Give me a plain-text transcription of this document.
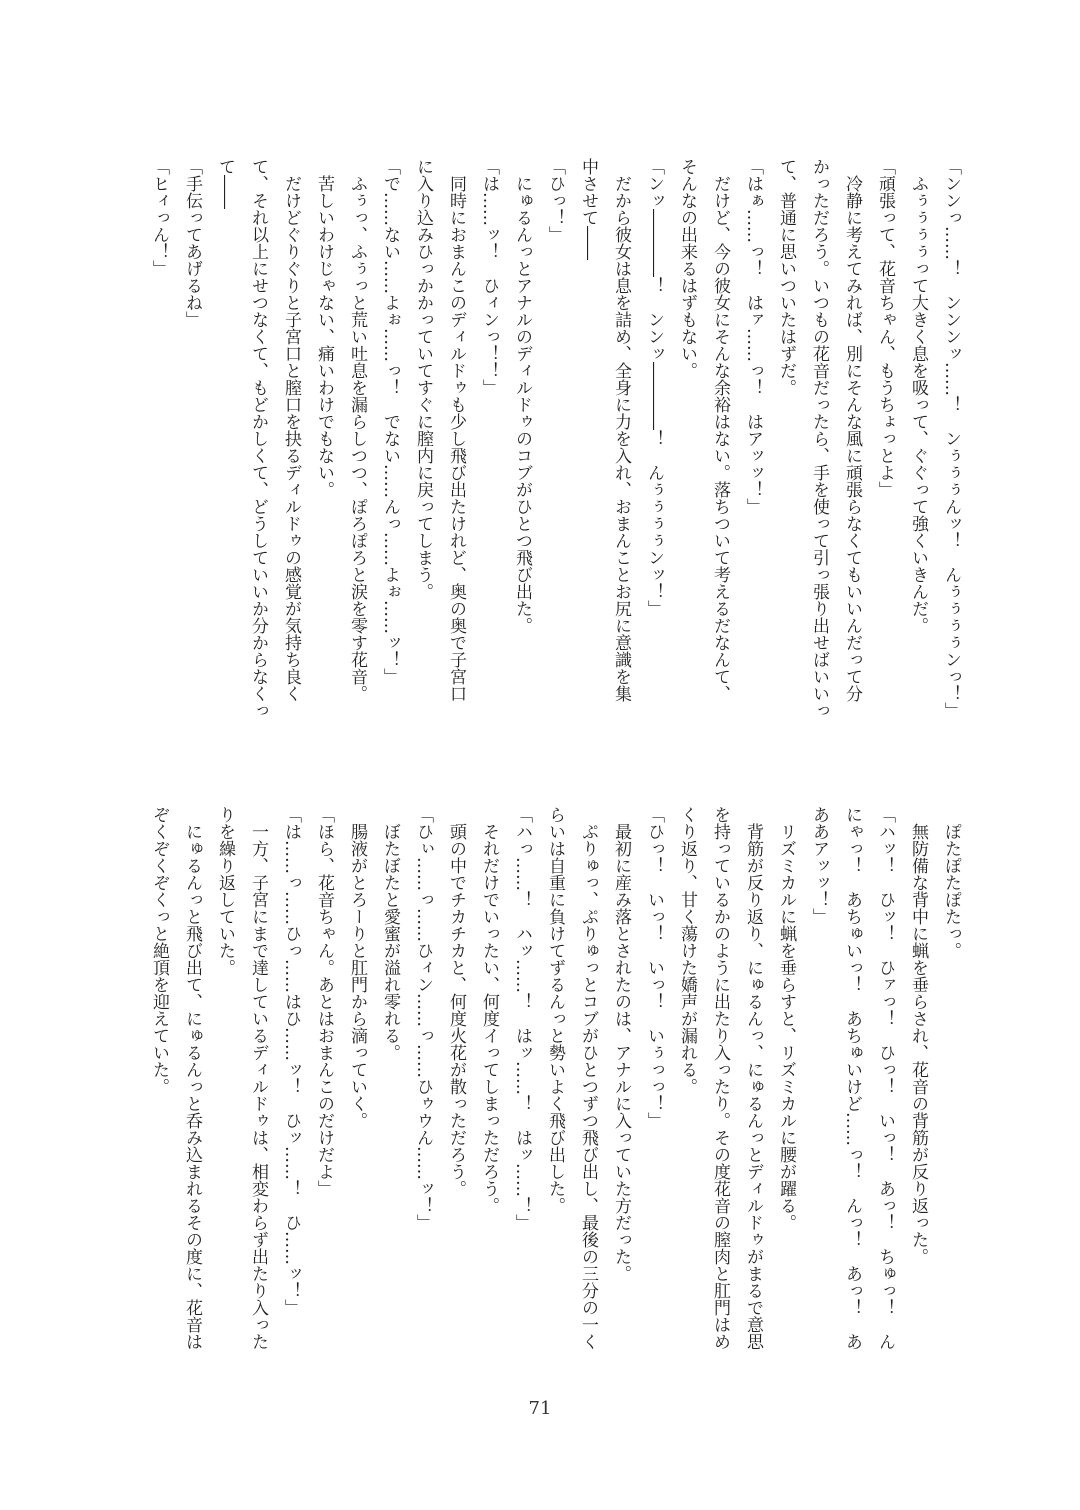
「ンンっ……！　ンンンッ……！　ンぅぅぅんッ！　んぅぅぅぅンっ！」
　ふぅぅぅぅって大きく息を吸って、ぐぐって強くいきんだ。
「頑張って、花音ちゃん、もうちょっとよ」
　冷静に考えてみれば、別にそんな風に頑張らなくてもいいんだって分
かっただろう。いつもの花音だったら、手を使って引っ張り出せばいいっ
て、普通に思いついたはずだ。
「はぁ……っ！　はァ……っ！　はアッッ！」
　だけど、今の彼女にそんな余裕はない。落ちついて考えるだなんて、
そんなの出来るはずもない。
「ンッ――――！　ンンッ――――！　んぅぅぅぅンッ！」
　だから彼女は息を詰め、全身に力を入れ、おまんことお尻に意識を集
中させて――
「ひっ！」
　にゅるんっとアナルのディルドゥのコブがひとつ飛び出た。
「は……ッ！　ひィンっ！！」
　同時におまんこのディルドゥも少し飛び出たけれど、奥の奥で子宮口
に入り込みひっかかっていてすぐに膣内に戻ってしまう。
「で……ない……よぉ……っ！　でない……んっ……よぉ……ッ！」
　ふぅっ、ふぅっと荒い吐息を漏らしつつ、ぽろぽろと涙を零す花音。
　苦しいわけじゃない、痛いわけでもない。
　だけどぐりぐりと子宮口と膣口を抉るディルドゥの感覚が気持ち良く
て、それ以上にせつなくて、もどかしくて、どうしていいか分からなくっ
て――
「手伝ってあげるね」
「ヒィっん！」
　ぽたぽたぽたっ。
　無防備な背中に蝋を垂らされ、花音の背筋が反り返った。
「ハッ！　ひッ！　ひァっ！　ひっ！　いっ！　あっ！　ちゅっ！　ん
にゃっ！　あちゅいっ！　あちゅいけど……っ！　んっ！　あっ！　あ
ああアッッ！」
　リズミカルに蝋を垂らすと、リズミカルに腰が躍る。
　背筋が反り返り、にゅるんっ、にゅるんっとディルドゥがまるで意思
を持っているかのように出たり入ったり。その度花音の膣肉と肛門はめ
くり返り、甘く蕩けた嬌声が漏れる。
「ひっ！　いっ！　いっ！　いぅっっ！」
　最初に産み落とされたのは、アナルに入っていた方だった。
　ぷりゅっ、ぷりゅっとコブがひとつずつ飛び出し、最後の三分の一く
らいは自重に負けてずるんっと勢いよく飛び出した。
「ハっ……！　ハッ……！　はッ……！　はッ……！」
　それだけでいったい、何度イってしまっただろう。
　頭の中でチカチカと、何度火花が散っただろう。
「ひぃ……っ……ひィン……っ……ひゥウん……ッ！」
　ぼたぼたと愛蜜が溢れ零れる。
　腸液がとろーりと肛門から滴っていく。
「ほら、花音ちゃん。あとはおまんこのだけだよ」
「は……っ……ひっ……はひ……ッ！　ひッ……！　ひ……ッ！」
　一方、子宮にまで達しているディルドゥは、相変わらず出たり入った
りを繰り返していた。
　にゅるんっと飛び出て、にゅるんっと呑み込まれるその度に、花音は
ぞくぞくぞくっと絶頂を迎えていた。
71
